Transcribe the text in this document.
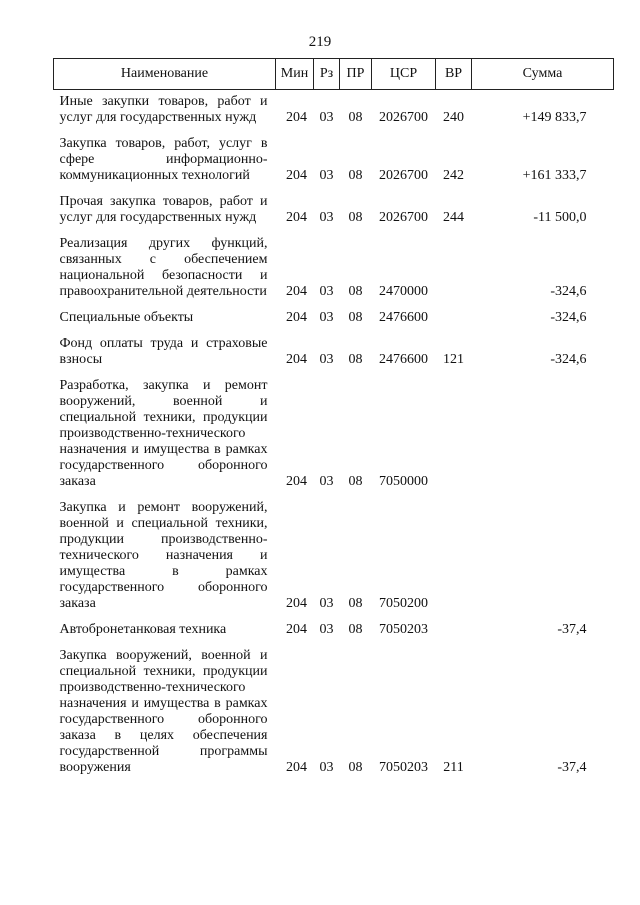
219
Наименование	Мин	Рз	ПР	ЦСР	ВР	Сумма
Иные закупки товаров, работ и услуг для государственных нужд	204	03	08	2026700	240	+149 833,7
Закупка товаров, работ, услуг в сфере информационно-коммуникационных технологий	204	03	08	2026700	242	+161 333,7
Прочая закупка товаров, работ и услуг для государственных нужд	204	03	08	2026700	244	-11 500,0
Реализация других функций, связанных с обеспечением национальной безопасности и правоохранительной деятельности	204	03	08	2470000		-324,6
Специальные объекты	204	03	08	2476600		-324,6
Фонд оплаты труда и страховые взносы	204	03	08	2476600	121	-324,6
Разработка, закупка и ремонт вооружений, военной и специальной техники, продукции производственно-технического назначения и имущества в рамках государственного оборонного заказа	204	03	08	7050000		
Закупка и ремонт вооружений, военной и специальной техники, продукции производственно-технического назначения и имущества в рамках государственного оборонного заказа	204	03	08	7050200		
Автобронетанковая техника	204	03	08	7050203		-37,4
Закупка вооружений, военной и специальной техники, продукции производственно-технического назначения и имущества в рамках государственного оборонного заказа в целях обеспечения государственной программы вооружения	204	03	08	7050203	211	-37,4
